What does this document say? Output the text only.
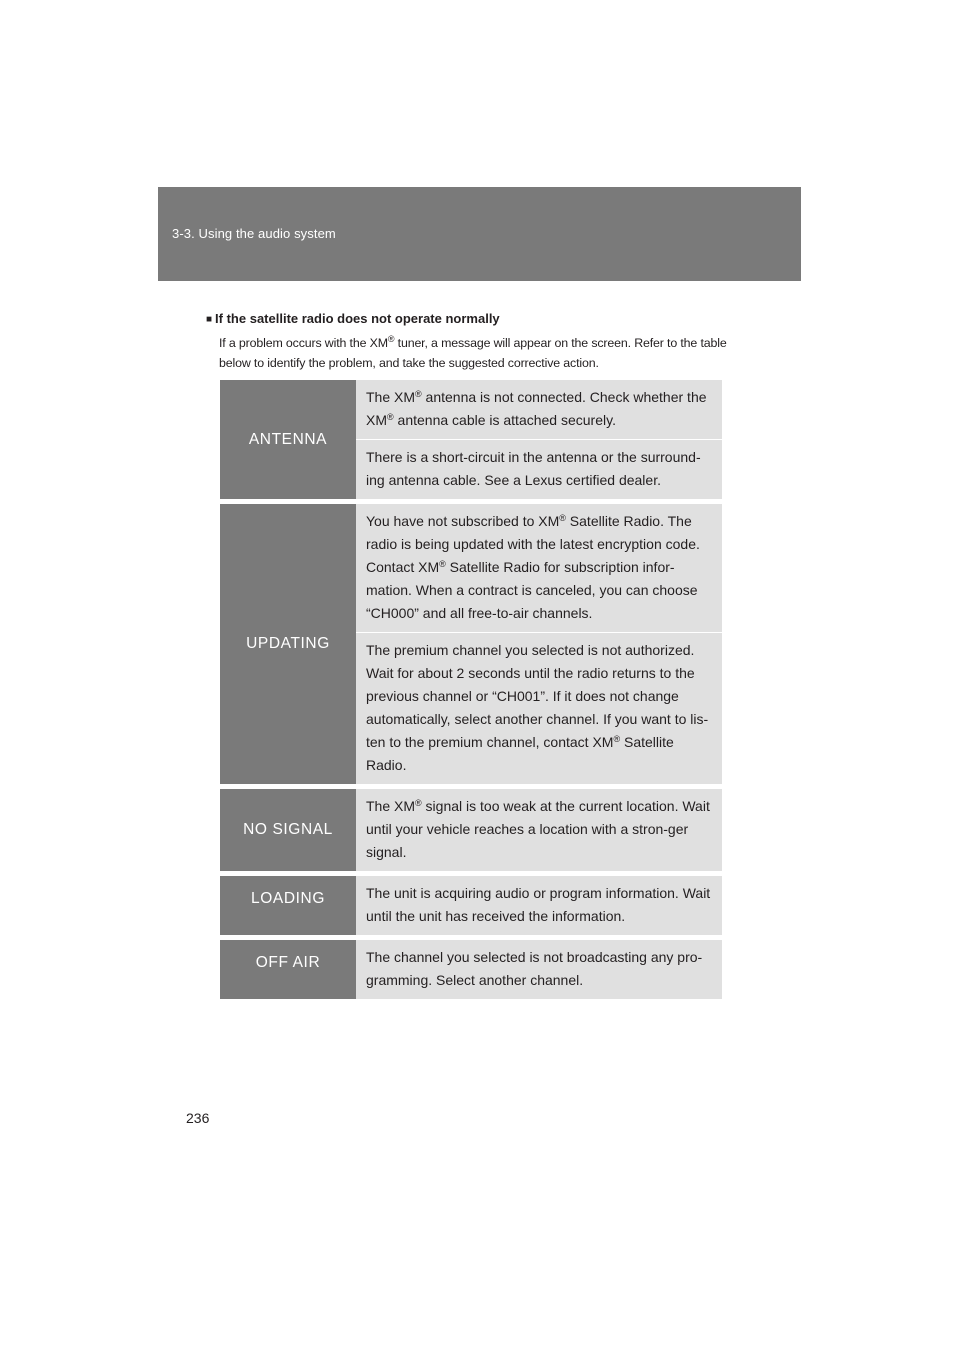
3-3. Using the audio system
■ If the satellite radio does not operate normally
If a problem occurs with the XM® tuner, a message will appear on the screen. Refer to the table below to identify the problem, and take the suggested corrective action.
ANTENNA
The XM® antenna is not connected. Check whether the XM® antenna cable is attached securely.
There is a short-circuit in the antenna or the surround-ing antenna cable. See a Lexus certified dealer.
UPDATING
You have not subscribed to XM® Satellite Radio. The radio is being updated with the latest encryption code. Contact XM® Satellite Radio for subscription infor-mation. When a contract is canceled, you can choose “CH000” and all free-to-air channels.
The premium channel you selected is not authorized. Wait for about 2 seconds until the radio returns to the previous channel or “CH001”. If it does not change automatically, select another channel. If you want to lis-ten to the premium channel, contact XM® Satellite Radio.
NO SIGNAL
The XM® signal is too weak at the current location. Wait until your vehicle reaches a location with a stron-ger signal.
LOADING	The unit is acquiring audio or program information. Wait until the unit has received the information.
OFF AIR	The channel you selected is not broadcasting any pro-gramming. Select another channel.
236
